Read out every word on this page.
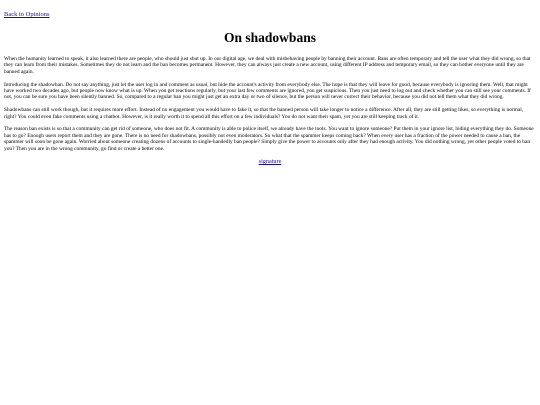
Back to Opinions
On shadowbans

When the humanity learned to speak, it also learned there are people, who should just shut up. In our digital age, we deal with misbehaving people by banning their account. Bans are often temporary and tell the user what they did wrong, so that they can learn from their mistakes. Sometimes they do not learn and the ban becomes permanent. However, they can always just create a new account, using different IP address and temporary email, so they can bother everyone until they are banned again.

Introducing the shadowban. Do not say anything, just let the user log in and comment as usual, but hide the account's activity from everybody else. The hope is that they will leave for good, because everybody is ignoring them. Well, that might have worked two decades ago, but people now know what is up. When you get reactions regularly, but your last few comments are ignored, you get suspicious. Then you just need to log out and check whether you can still see your comments. If not, you can be sure you have been silently banned. So, compared to a regular ban you might just get an extra day or two of silence, but the person will never correct their behavior, because you did not tell them what they did wrong.

Shadowbans can still work though, but it requires more effort. Instead of no engagement you would have to fake it, so that the banned person will take longer to notice a difference. After all, they are still getting likes, so everything is normal, right? You could even fake comments using a chatbot. However, is it really worth it to spend all this effort on a few individuals? You do not want their spam, yet you are still keeping track of it.

The reason ban exists is so that a community can get rid of someone, who does not fit. A community is able to police itself, we already have the tools. You want to ignore someone? Put them in your ignore list, hiding everything they do. Someone has to go? Enough users report them and they are gone. There is no need for shadowbans, possibly not even moderators. So what that the spammer keeps coming back? When every user has a fraction of the power needed to cause a ban, the spammer will soon be gone again. Worried about someone creating dozens of accounts to single-handedly ban people? Simply give the power to accounts only after they had enough activity. You did nothing wrong, yet other people voted to ban you? Then you are in the wrong community, go find or create a better one.

signature
